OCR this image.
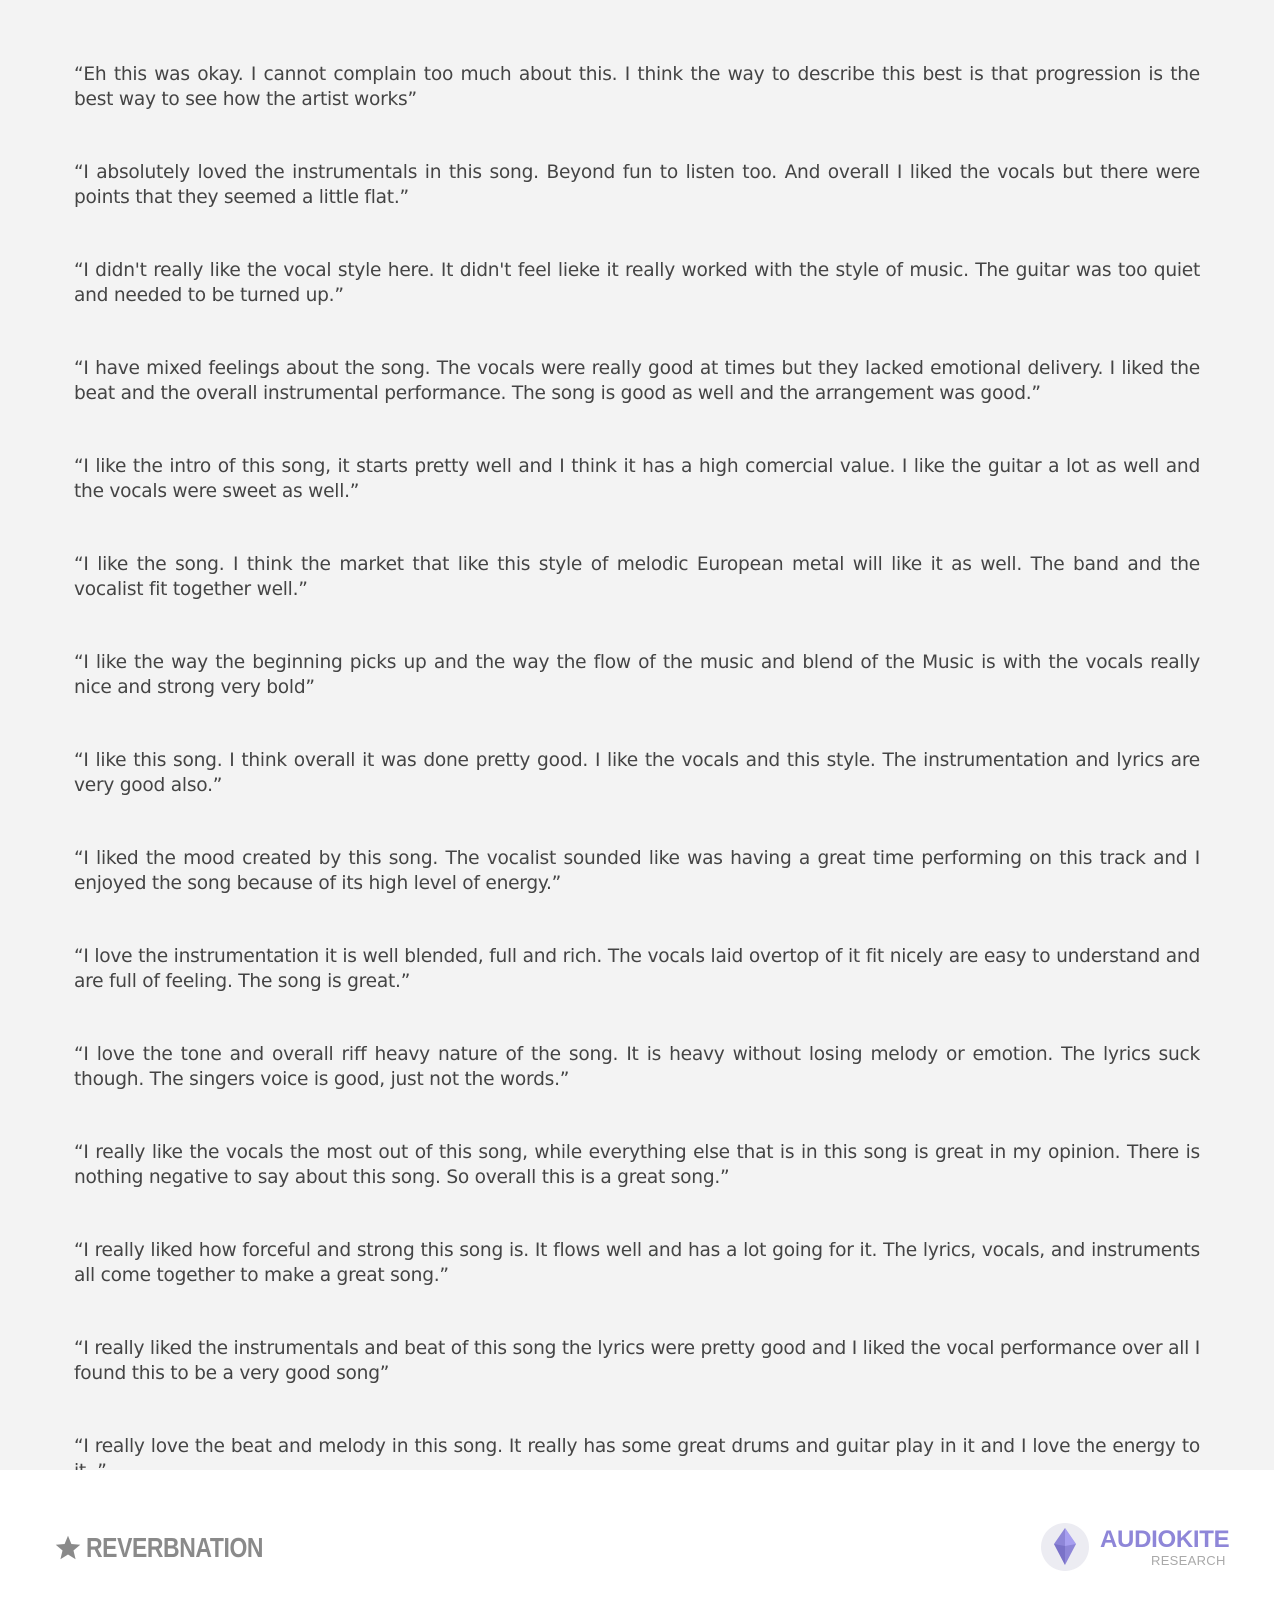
“Eh this was okay. I cannot complain too much about this. I think the way to describe this best is that progression is the best way to see how the artist works”
“I absolutely loved the instrumentals in this song. Beyond fun to listen too. And overall I liked the vocals but there were points that they seemed a little flat.”
“I didn't really like the vocal style here. It didn't feel lieke it really worked with the style of music. The guitar was too quiet and needed to be turned up.”
“I have mixed feelings about the song. The vocals were really good at times but they lacked emotional delivery. I liked the beat and the overall instrumental performance. The song is good as well and the arrangement was good.”
“I like the intro of this song, it starts pretty well and I think it has a high comercial value. I like the guitar a lot as well and the vocals were sweet as well.”
“I like the song. I think the market that like this style of melodic European metal will like it as well. The band and the vocalist fit together well.”
“I like the way the beginning picks up and the way the flow of the music and blend of the Music is with the vocals really nice and strong very bold”
“I like this song. I think overall it was done pretty good. I like the vocals and this style. The instrumentation and lyrics are very good also.”
“I liked the mood created by this song. The vocalist sounded like was having a great time performing on this track and I enjoyed the song because of its high level of energy.”
“I love the instrumentation it is well blended, full and rich. The vocals laid overtop of it fit nicely are easy to understand and are full of feeling. The song is great.”
“I love the tone and overall riff heavy nature of the song. It is heavy without losing melody or emotion. The lyrics suck though. The singers voice is good, just not the words.”
“I really like the vocals the most out of this song, while everything else that is in this song is great in my opinion. There is nothing negative to say about this song. So overall this is a great song.”
“I really liked how forceful and strong this song is. It flows well and has a lot going for it. The lyrics, vocals, and instruments all come together to make a great song.”
“I really liked the instrumentals and beat of this song the lyrics were pretty good and I liked the vocal performance over all I found this to be a very good song”
“I really love the beat and melody in this song. It really has some great drums and guitar play in it and I love the energy to
REVERBNATION	AUDIOKITE
RESEARCH
